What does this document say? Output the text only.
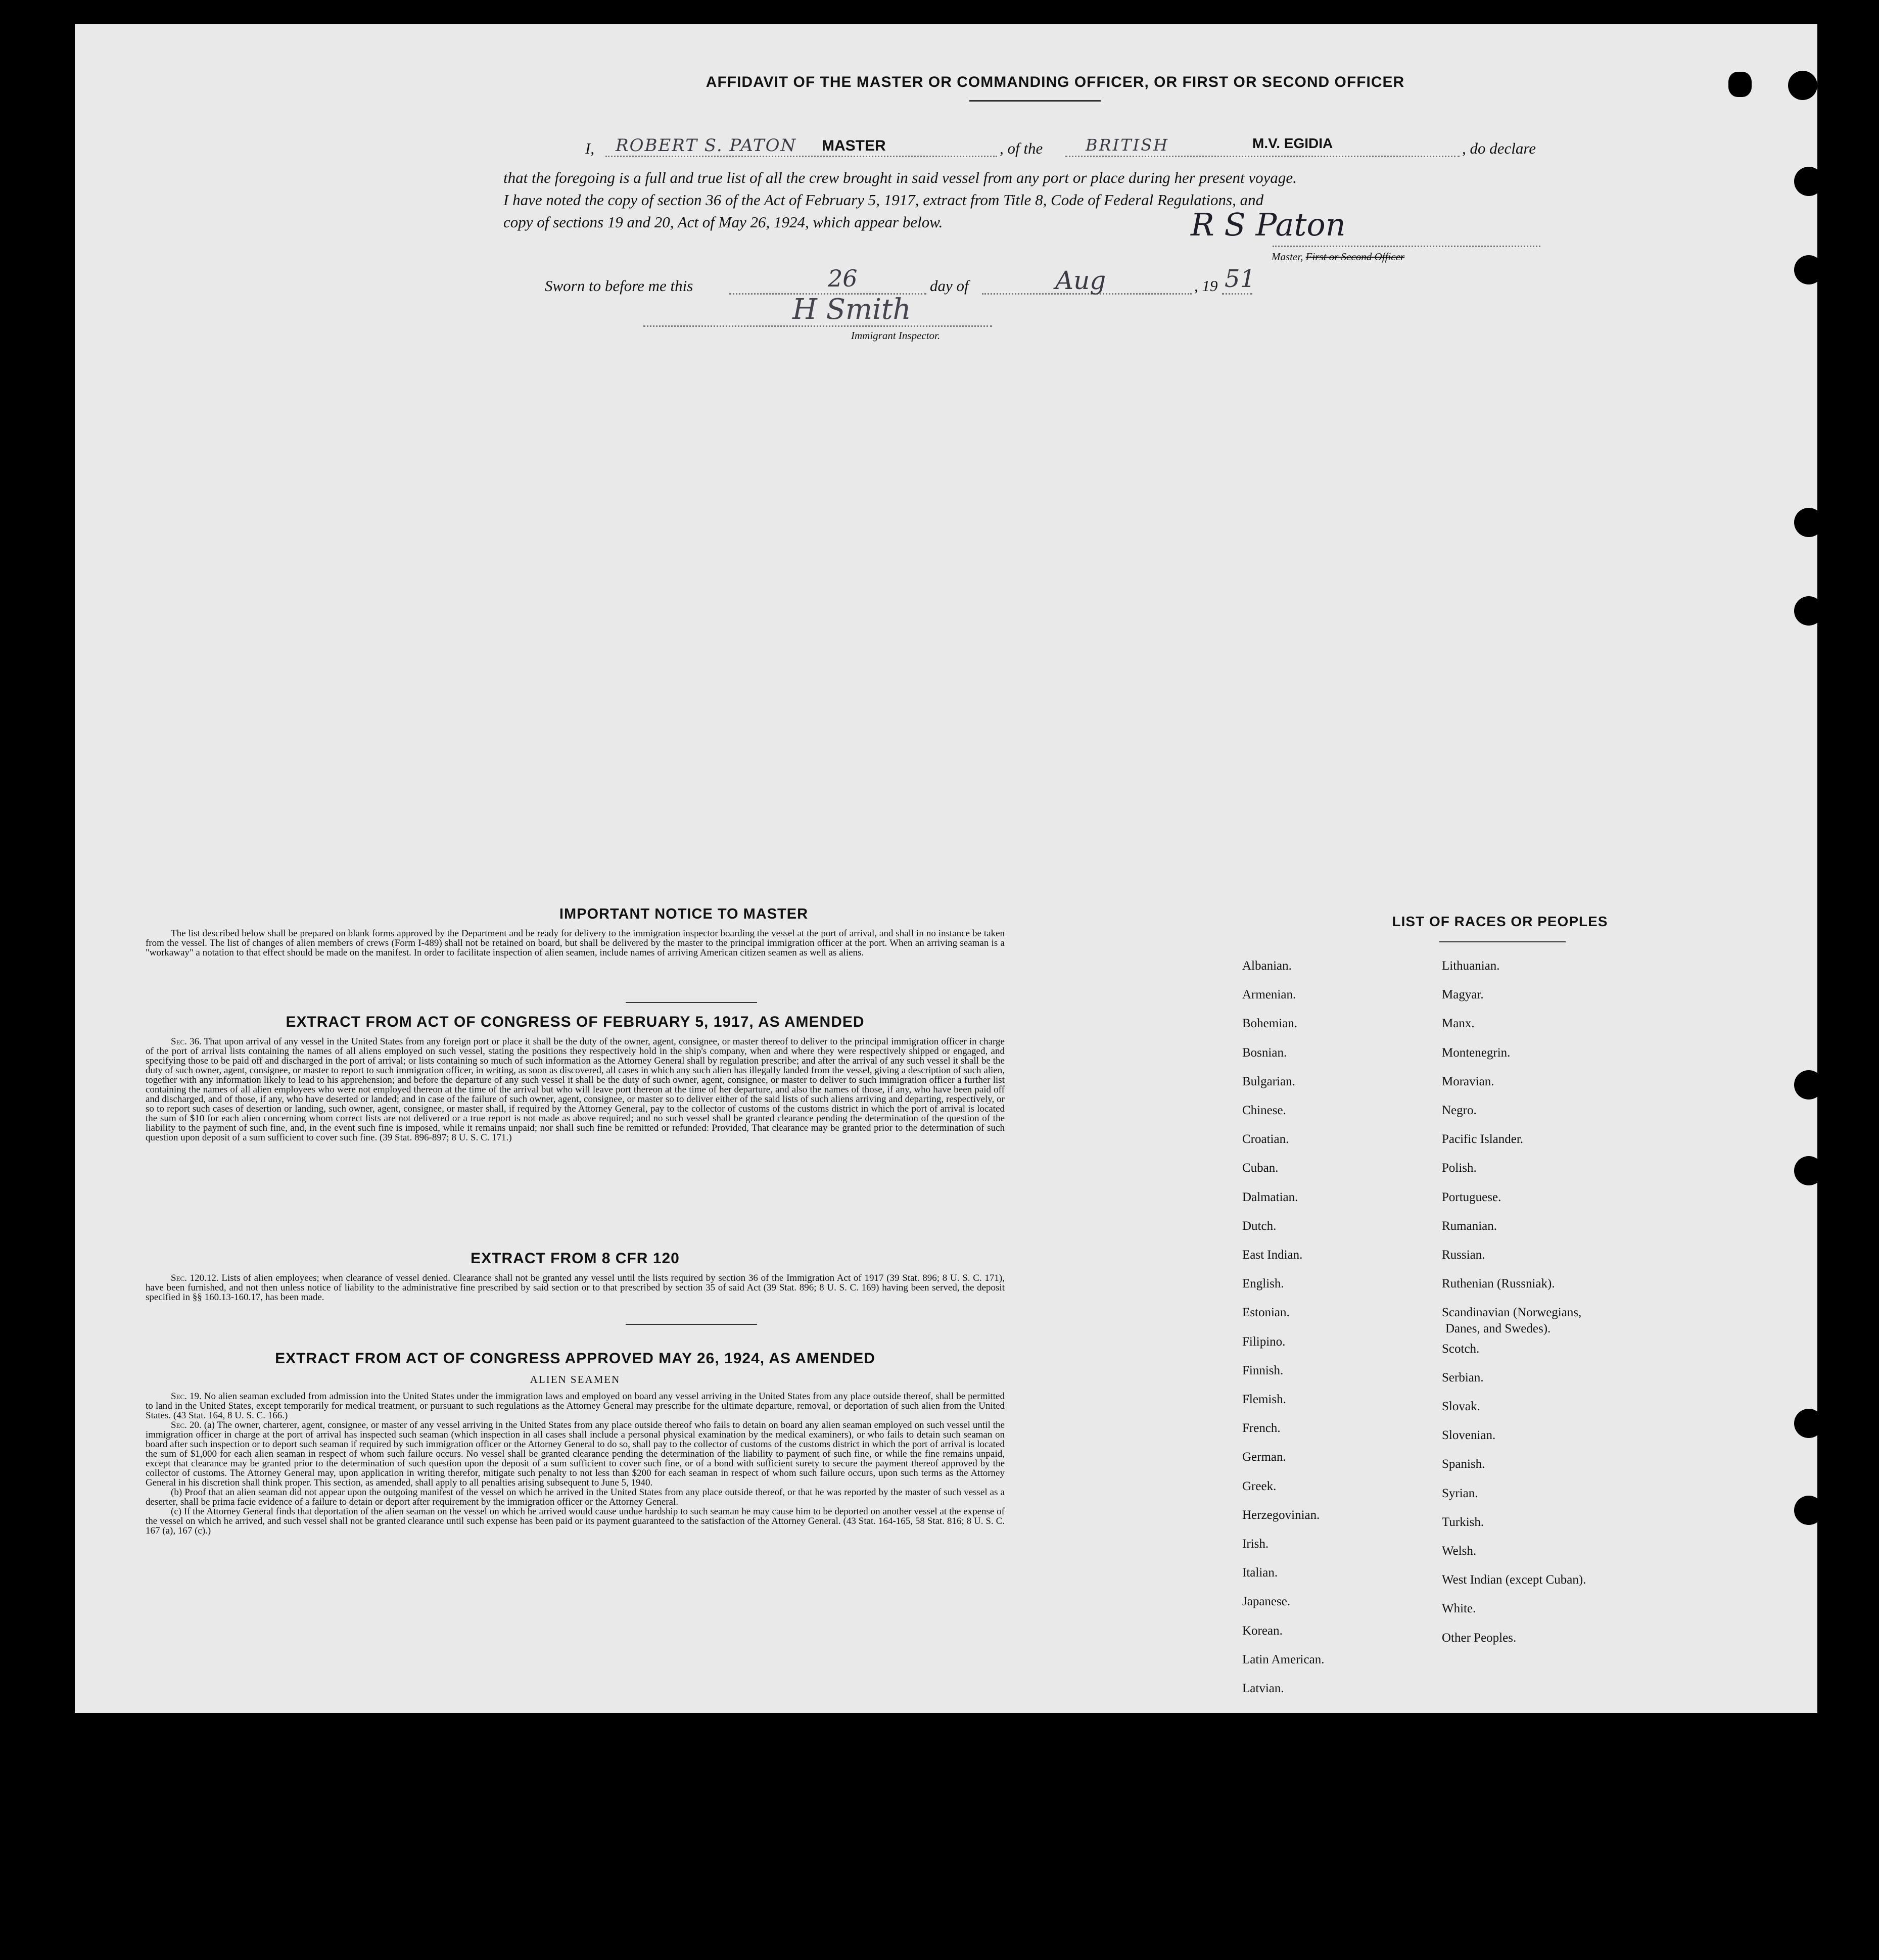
AFFIDAVIT OF THE MASTER OR COMMANDING OFFICER, OR FIRST OR SECOND OFFICER
I, ROBERT S. PATON MASTER	, of the	BRITISH	M.V. EGIDIA	, do declare
that the foregoing is a full and true list of all the crew brought in said vessel from any port or place during her present voyage.
I have noted the copy of section 36 of the Act of February 5, 1917, extract from Title 8, Code of Federal Regulations, and
copy of sections 19 and 20, Act of May 26, 1924, which appear below.	R S Paton
Master, First or Second Officer
Sworn to before me this	26	day of	Aug	, 19 51
H Smith
Immigrant Inspector.
IMPORTANT NOTICE TO MASTER

The list described below shall be prepared on blank forms approved by the Department and be ready for delivery to the immigration inspector boarding the vessel at the port of arrival, and shall in no instance be taken from the vessel. The list of changes of alien members of crews (Form I-489) shall not be retained on board, but shall be delivered by the master to the principal immigration officer at the port. When an arriving seaman is a "workaway" a notation to that effect should be made on the manifest. In order to facilitate inspection of alien seamen, include names of arriving American citizen seamen as well as aliens.

EXTRACT FROM ACT OF CONGRESS OF FEBRUARY 5, 1917, AS AMENDED

Sec. 36. That upon arrival of any vessel in the United States from any foreign port or place it shall be the duty of the owner, agent, consignee, or master thereof to deliver to the principal immigration officer in charge of the port of arrival lists containing the names of all aliens employed on such vessel, stating the positions they respectively hold in the ship's company, when and where they were respectively shipped or engaged, and specifying those to be paid off and discharged in the port of arrival; or lists containing so much of such information as the Attorney General shall by regulation prescribe; and after the arrival of any such vessel it shall be the duty of such owner, agent, consignee, or master to report to such immigration officer, in writing, as soon as discovered, all cases in which any such alien has illegally landed from the vessel, giving a description of such alien, together with any information likely to lead to his apprehension; and before the departure of any such vessel it shall be the duty of such owner, agent, consignee, or master to deliver to such immigration officer a further list containing the names of all alien employees who were not employed thereon at the time of the arrival but who will leave port thereon at the time of her departure, and also the names of those, if any, who have been paid off and discharged, and of those, if any, who have deserted or landed; and in case of the failure of such owner, agent, consignee, or master so to deliver either of the said lists of such aliens arriving and departing, respectively, or so to report such cases of desertion or landing, such owner, agent, consignee, or master shall, if required by the Attorney General, pay to the collector of customs of the customs district in which the port of arrival is located the sum of $10 for each alien concerning whom correct lists are not delivered or a true report is not made as above required; and no such vessel shall be granted clearance pending the determination of the question of the liability to the payment of such fine, and, in the event such fine is imposed, while it remains unpaid; nor shall such fine be remitted or refunded: Provided, That clearance may be granted prior to the determination of such question upon deposit of a sum sufficient to cover such fine. (39 Stat. 896-897; 8 U. S. C. 171.)

EXTRACT FROM 8 CFR 120

Sec. 120.12. Lists of alien employees; when clearance of vessel denied. Clearance shall not be granted any vessel until the lists required by section 36 of the Immigration Act of 1917 (39 Stat. 896; 8 U. S. C. 171), have been furnished, and not then unless notice of liability to the administrative fine prescribed by said section or to that prescribed by section 35 of said Act (39 Stat. 896; 8 U. S. C. 169) having been served, the deposit specified in §§ 160.13-160.17, has been made.

EXTRACT FROM ACT OF CONGRESS APPROVED MAY 26, 1924, AS AMENDED
ALIEN SEAMEN

Sec. 19. No alien seaman excluded from admission into the United States under the immigration laws and employed on board any vessel arriving in the United States from any place outside thereof, shall be permitted to land in the United States, except temporarily for medical treatment, or pursuant to such regulations as the Attorney General may prescribe for the ultimate departure, removal, or deportation of such alien from the United States. (43 Stat. 164, 8 U. S. C. 166.)

Sec. 20. (a) The owner, charterer, agent, consignee, or master of any vessel arriving in the United States from any place outside thereof who fails to detain on board any alien seaman employed on such vessel until the immigration officer in charge at the port of arrival has inspected such seaman (which inspection in all cases shall include a personal physical examination by the medical examiners), or who fails to detain such seaman on board after such inspection or to deport such seaman if required by such immigration officer or the Attorney General to do so, shall pay to the collector of customs of the customs district in which the port of arrival is located the sum of $1,000 for each alien seaman in respect of whom such failure occurs. No vessel shall be granted clearance pending the determination of the liability to payment of such fine, or while the fine remains unpaid, except that clearance may be granted prior to the determination of such question upon the deposit of a sum sufficient to cover such fine, or of a bond with sufficient surety to secure the payment thereof approved by the collector of customs. The Attorney General may, upon application in writing therefor, mitigate such penalty to not less than $200 for each seaman in respect of whom such failure occurs, upon such terms as the Attorney General in his discretion shall think proper. This section, as amended, shall apply to all penalties arising subsequent to June 5, 1940.

(b) Proof that an alien seaman did not appear upon the outgoing manifest of the vessel on which he arrived in the United States from any place outside thereof, or that he was reported by the master of such vessel as a deserter, shall be prima facie evidence of a failure to detain or deport after requirement by the immigration officer or the Attorney General.

(c) If the Attorney General finds that deportation of the alien seaman on the vessel on which he arrived would cause undue hardship to such seaman he may cause him to be deported on another vessel at the expense of the vessel on which he arrived, and such vessel shall not be granted clearance until such expense has been paid or its payment guaranteed to the satisfaction of the Attorney General. (43 Stat. 164-165, 58 Stat. 816; 8 U. S. C. 167 (a), 167 (c).)

LIST OF RACES OR PEOPLES
Albanian.
Armenian.
Bohemian.
Bosnian.
Bulgarian.
Chinese.
Croatian.
Cuban.
Dalmatian.
Dutch.
East Indian.
English.
Estonian.
Filipino.
Finnish.
Flemish.
French.
German.
Greek.
Herzegovinian.
Irish.
Italian.
Japanese.
Korean.
Latin American.
Latvian.
Lithuanian.
Magyar.
Manx.
Montenegrin.
Moravian.
Negro.
Pacific Islander.
Polish.
Portuguese.
Rumanian.
Russian.
Ruthenian (Russniak).
Scandinavian (Norwegians,
Danes, and Swedes).
Scotch.
Serbian.
Slovak.
Slovenian.
Spanish.
Syrian.
Turkish.
Welsh.
West Indian (except Cuban).
White.
Other Peoples.
